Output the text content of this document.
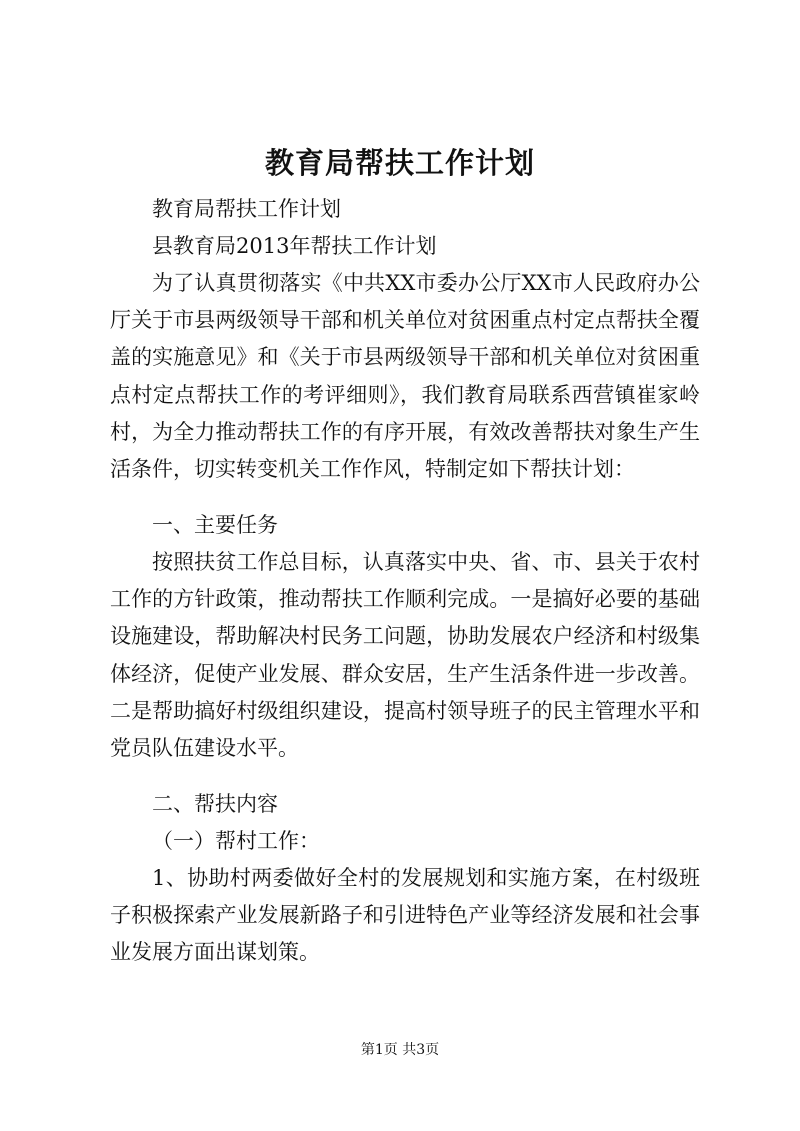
教育局帮扶工作计划

教育局帮扶工作计划

县教育局2013年帮扶工作计划

为了认真贯彻落实《中共XX市委办公厅XX市人民政府办公厅关于市县两级领导干部和机关单位对贫困重点村定点帮扶全覆盖的实施意见》和《关于市县两级领导干部和机关单位对贫困重点村定点帮扶工作的考评细则》，我们教育局联系西营镇崔家岭村，为全力推动帮扶工作的有序开展，有效改善帮扶对象生产生活条件，切实转变机关工作作风，特制定如下帮扶计划：

一、主要任务

按照扶贫工作总目标，认真落实中央、省、市、县关于农村工作的方针政策，推动帮扶工作顺利完成。一是搞好必要的基础设施建设，帮助解决村民务工问题，协助发展农户经济和村级集体经济，促使产业发展、群众安居，生产生活条件进一步改善。二是帮助搞好村级组织建设，提高村领导班子的民主管理水平和党员队伍建设水平。

二、帮扶内容

（一）帮村工作：

1、协助村两委做好全村的发展规划和实施方案，在村级班子积极探索产业发展新路子和引进特色产业等经济发展和社会事业发展方面出谋划策。

第1页 共3页
